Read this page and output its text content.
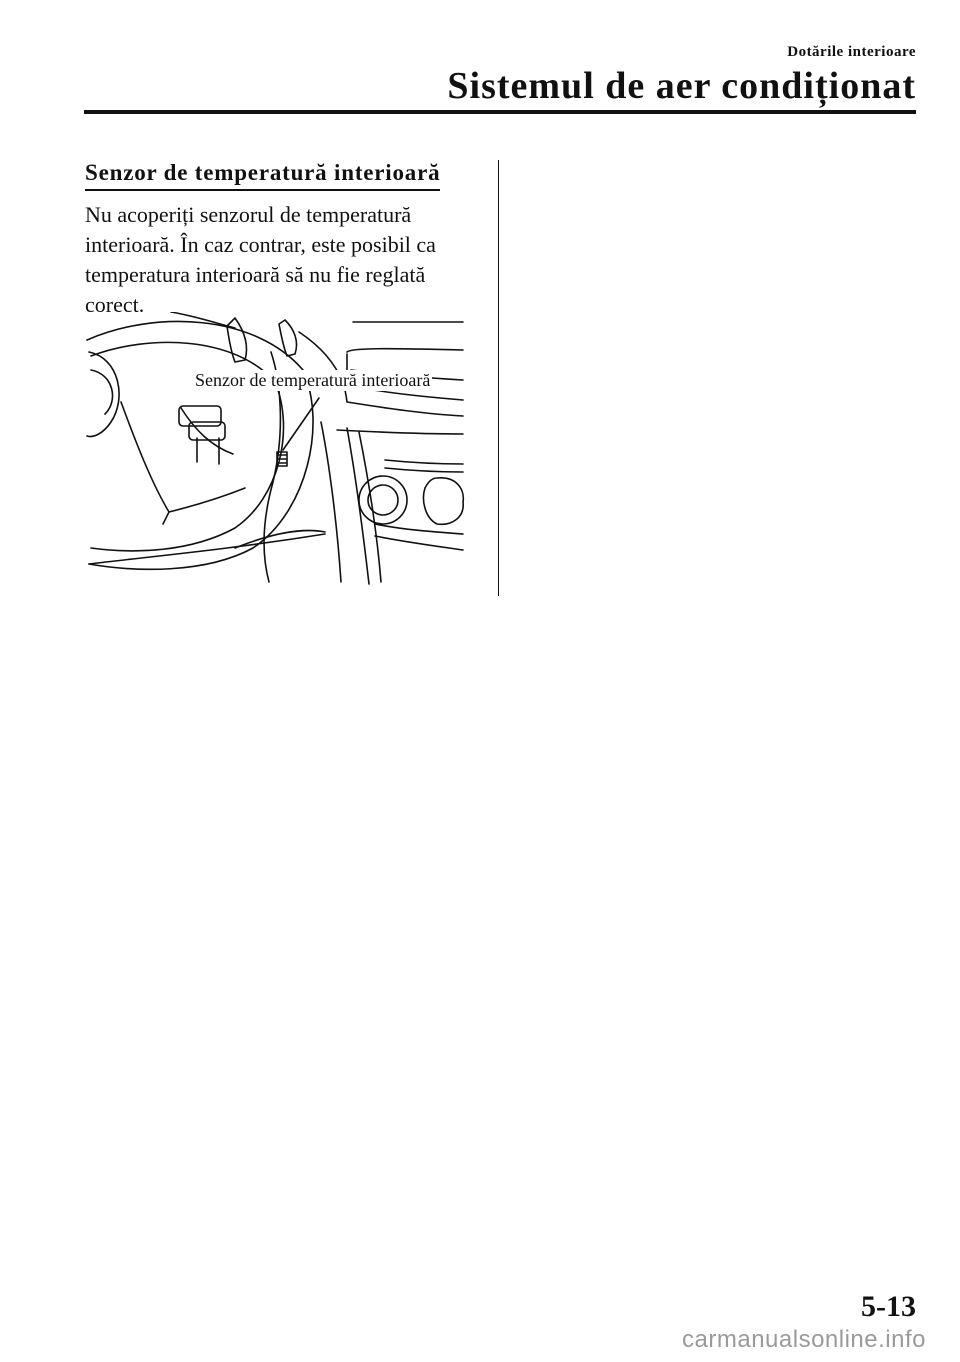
Dotările interioare
Sistemul de aer condiționat
Senzor de temperatură interioară

Nu acoperiți senzorul de temperatură interioară. În caz contrar, este posibil ca temperatura interioară să nu fie reglată corect.

Senzor de temperatură interioară
5-13
carmanualsonline.info
